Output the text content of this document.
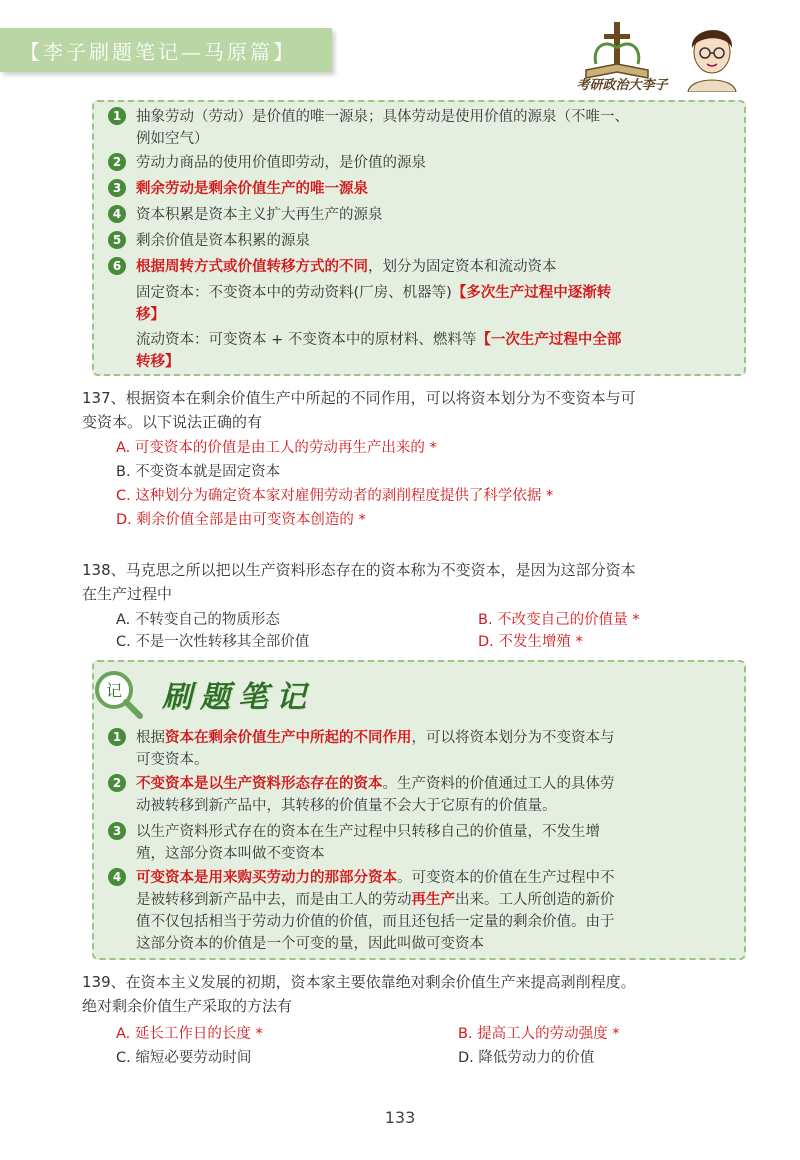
【李子刷题笔记—马原篇】
考研政治大李子
1 抽象劳动（劳动）是价值的唯一源泉；具体劳动是使用价值的源泉（不唯一、
例如空气）
2 劳动力商品的使用价值即劳动，是价值的源泉
3 剩余劳动是剩余价值生产的唯一源泉
4 资本积累是资本主义扩大再生产的源泉
5 剩余价值是资本积累的源泉
6 根据周转方式或价值转移方式的不同，划分为固定资本和流动资本
固定资本：不变资本中的劳动资料(厂房、机器等)【多次生产过程中逐渐转
移】
流动资本：可变资本 + 不变资本中的原材料、燃料等【一次生产过程中全部
转移】
137、根据资本在剩余价值生产中所起的不同作用，可以将资本划分为不变资本与可
变资本。以下说法正确的有
A. 可变资本的价值是由工人的劳动再生产出来的 *
B. 不变资本就是固定资本
C. 这种划分为确定资本家对雇佣劳动者的剥削程度提供了科学依据 *
D. 剩余价值全部是由可变资本创造的 *
138、马克思之所以把以生产资料形态存在的资本称为不变资本，是因为这部分资本
在生产过程中
A. 不转变自己的物质形态	B. 不改变自己的价值量 *
C. 不是一次性转移其全部价值	D. 不发生增殖 *
记 刷题笔记
1 根据资本在剩余价值生产中所起的不同作用，可以将资本划分为不变资本与
可变资本。
2 不变资本是以生产资料形态存在的资本。生产资料的价值通过工人的具体劳
动被转移到新产品中，其转移的价值量不会大于它原有的价值量。
3 以生产资料形式存在的资本在生产过程中只转移自己的价值量，不发生增
殖，这部分资本叫做不变资本
4 可变资本是用来购买劳动力的那部分资本。可变资本的价值在生产过程中不
是被转移到新产品中去，而是由工人的劳动再生产出来。工人所创造的新价
值不仅包括相当于劳动力价值的价值，而且还包括一定量的剩余价值。由于
这部分资本的价值是一个可变的量，因此叫做可变资本
139、在资本主义发展的初期，资本家主要依靠绝对剩余价值生产来提高剥削程度。
绝对剩余价值生产采取的方法有
A. 延长工作日的长度 *	B. 提高工人的劳动强度 *
C. 缩短必要劳动时间	D. 降低劳动力的价值
133
